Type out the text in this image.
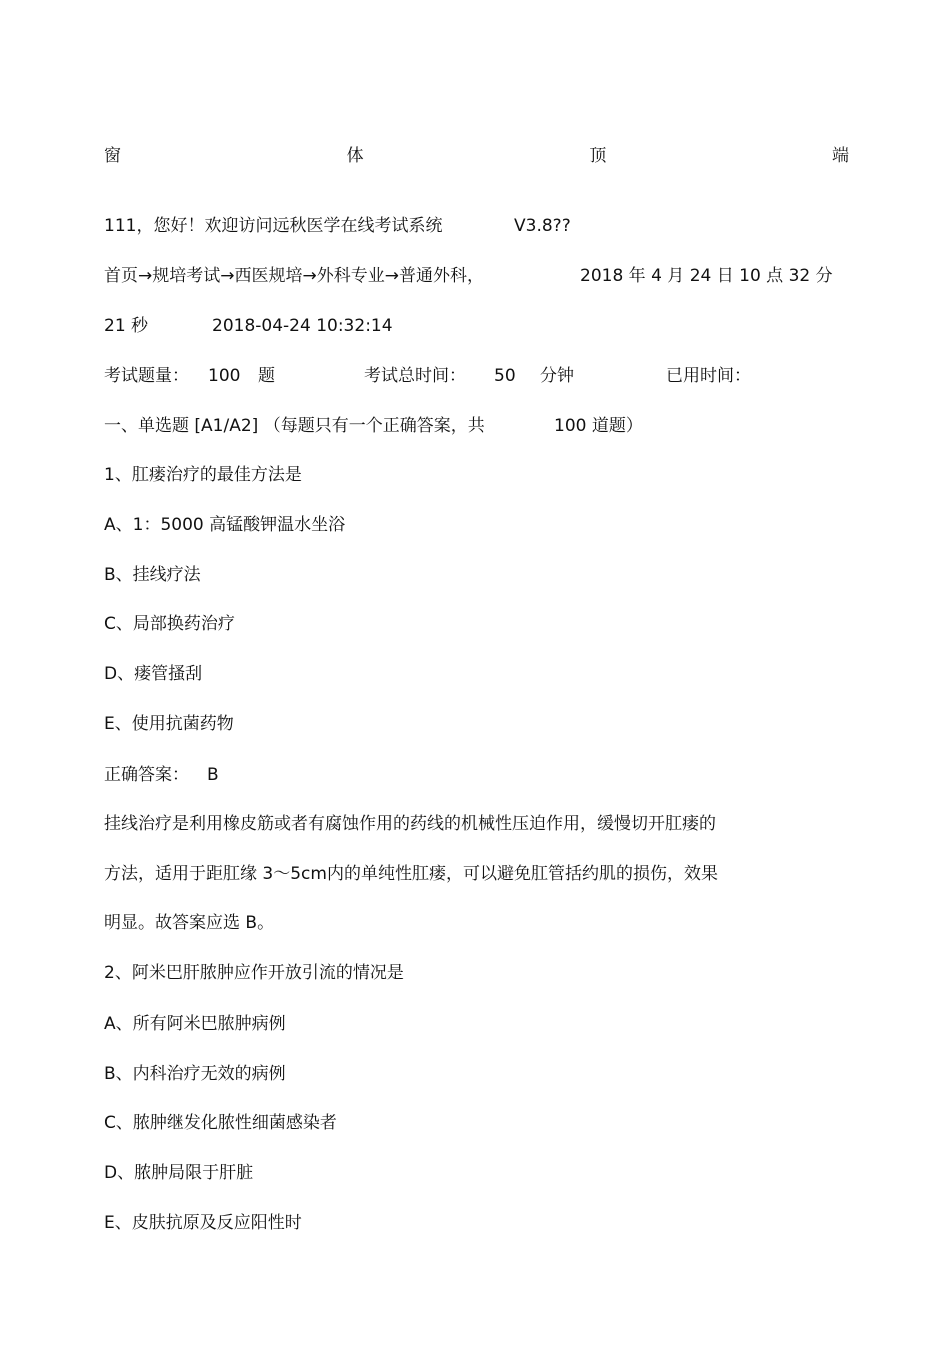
窗	体	顶	端
111，您好！欢迎访问远秋医学在线考试系统	V3.8??
首页→规培考试→西医规培→外科专业→普通外科，	2018 年 4 月 24 日 10 点 32 分
21 秒	2018-04-24 10:32:14
考试题量： 100 题	考试总时间： 50 分钟	已用时间：
一、单选题 [A1/A2] （每题只有一个正确答案，共	100 道题）
1、肛瘘治疗的最佳方法是
A、1：5000 高锰酸钾温水坐浴
B、挂线疗法
C、局部换药治疗
D、瘘管搔刮
E、使用抗菌药物
正确答案： B
挂线治疗是利用橡皮筋或者有腐蚀作用的药线的机械性压迫作用，缓慢切开肛瘘的
方法，适用于距肛缘 3～5cm内的单纯性肛瘘，可以避免肛管括约肌的损伤，效果
明显。故答案应选 B。
2、阿米巴肝脓肿应作开放引流的情况是
A、所有阿米巴脓肿病例
B、内科治疗无效的病例
C、脓肿继发化脓性细菌感染者
D、脓肿局限于肝脏
E、皮肤抗原及反应阳性时
